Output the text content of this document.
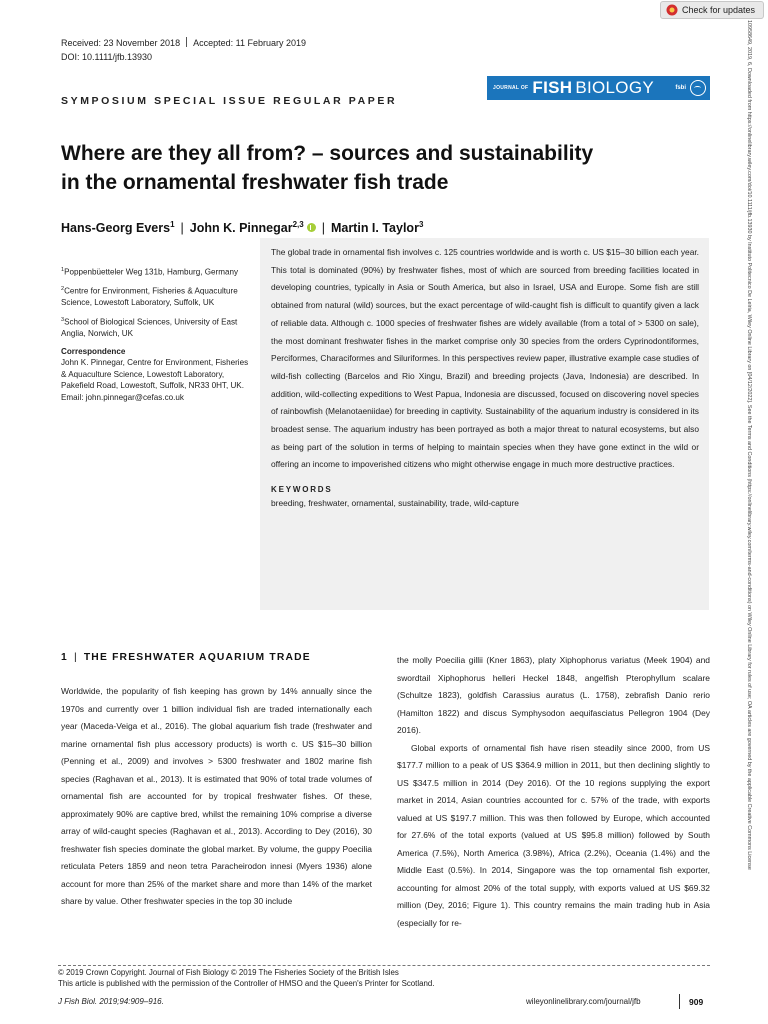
Check for updates
Received: 23 November 2018 Accepted: 11 February 2019
DOI: 10.1111/jfb.13930
JOURNAL OF FISH BIOLOGY	fsbi
SYMPOSIUM SPECIAL ISSUE REGULAR PAPER
Where are they all from? – sources and sustainability
in the ornamental freshwater fish trade
Hans-Georg Evers$^1$ | John K. Pinnegar$^{2,3}$ | Martin I. Taylor$^3$

$^1$Poppenbüetteler Weg 131b, Hamburg, Germany

$^2$Centre for Environment, Fisheries & Aquaculture Science, Lowestoft Laboratory, Suffolk, UK

$^3$School of Biological Sciences, University of East Anglia, Norwich, UK

Correspondence

John K. Pinnegar, Centre for Environment, Fisheries & Aquaculture Science, Lowestoft Laboratory, Pakefield Road, Lowestoft, Suffolk, NR33 0HT, UK.

Email: john.pinnegar@cefas.co.uk

The global trade in ornamental fish involves c. 125 countries worldwide and is worth c. US $15–30 billion each year. This total is dominated (90%) by freshwater fishes, most of which are sourced from breeding facilities located in developing countries, typically in Asia or South America, but also in Israel, USA and Europe. Some fish are still obtained from natural (wild) sources, but the exact percentage of wild-caught fish is difficult to quantify given a lack of reliable data. Although c. 1000 species of freshwater fishes are widely available (from a total of > 5300 on sale), the most dominant freshwater fishes in the market comprise only 30 species from the orders Cyprinodontiformes, Perciformes, Characiformes and Siluriformes. In this perspectives review paper, illustrative example case studies of wild-fish collecting (Barcelos and Rio Xingu, Brazil) and breeding projects (Java, Indonesia) are described. In addition, wild-collecting expeditions to West Papua, Indonesia are discussed, focused on discovering novel species of rainbowfish (Melanotaeniidae) for breeding in captivity. Sustainability of the aquarium industry is considered in its broadest sense. The aquarium industry has been portrayed as both a major threat to natural ecosystems, but also as being part of the solution in terms of helping to maintain species when they have gone extinct in the wild or offering an income to impoverished citizens who might otherwise engage in much more destructive practices.

KEYWORDS

breeding, freshwater, ornamental, sustainability, trade, wild-capture

1 | THE FRESHWATER AQUARIUM TRADE

Worldwide, the popularity of fish keeping has grown by 14% annually since the 1970s and currently over 1 billion individual fish are traded internationally each year (Maceda-Veiga et al., 2016). The global aquarium fish trade (freshwater and marine ornamental fish plus accessory products) is worth c. US $15–30 billion (Penning et al., 2009) and involves > 5300 freshwater and 1802 marine fish species (Raghavan et al., 2013). It is estimated that 90% of total trade volumes of ornamental fish are accounted for by tropical freshwater fishes. Of these, approximately 90% are captive bred, whilst the remaining 10% comprise a diverse array of wild-caught species (Raghavan et al., 2013). According to Dey (2016), 30 freshwater fish species dominate the global market. By volume, the guppy Poecilia reticulata Peters 1859 and neon tetra Paracheirodon innesi (Myers 1936) alone account for more than 25% of the market share and more than 14% of the market share by value. Other freshwater species in the top 30 include

the molly Poecilia gillii (Kner 1863), platy Xiphophorus variatus (Meek 1904) and swordtail Xiphophorus helleri Heckel 1848, angelfish Pterophyllum scalare (Schultze 1823), goldfish Carassius auratus (L. 1758), zebrafish Danio rerio (Hamilton 1822) and discus Symphysodon aequifasciatus Pellegron 1904 (Dey 2016).

Global exports of ornamental fish have risen steadily since 2000, from US $177.7 million to a peak of US $364.9 million in 2011, but then declining slightly to US $347.5 million in 2014 (Dey 2016). Of the 10 regions supplying the export market in 2014, Asian countries accounted for c. 57% of the trade, with exports valued at US $197.7 million. This was then followed by Europe, which accounted for 27.6% of the total exports (valued at US $95.8 million) followed by South America (7.5%), North America (3.98%), Africa (2.2%), Oceania (1.4%) and the Middle East (0.5%). In 2014, Singapore was the top ornamental fish exporter, accounting for almost 20% of the total supply, with exports valued at US $69.32 million (Dey, 2016; Figure 1). This country remains the main trading hub in Asia (especially for re-

© 2019 Crown Copyright. Journal of Fish Biology © 2019 The Fisheries Society of the British Isles
This article is published with the permission of the Controller of HMSO and the Queen's Printer for Scotland.
J Fish Biol. 2019;94:909–916.	wileyonlinelibrary.com/journal/jfb	909
10958649, 2019, 6, Downloaded from https://onlinelibrary.wiley.com/doi/10.1111/jfb.13930 by Instituto Politecnico De Leiria, Wiley Online Library on [04/12/2022]. See the Terms and Conditions (https://onlinelibrary.wiley.com/terms-and-conditions) on Wiley Online Library for rules of use; OA articles are governed by the applicable Creative Commons License
